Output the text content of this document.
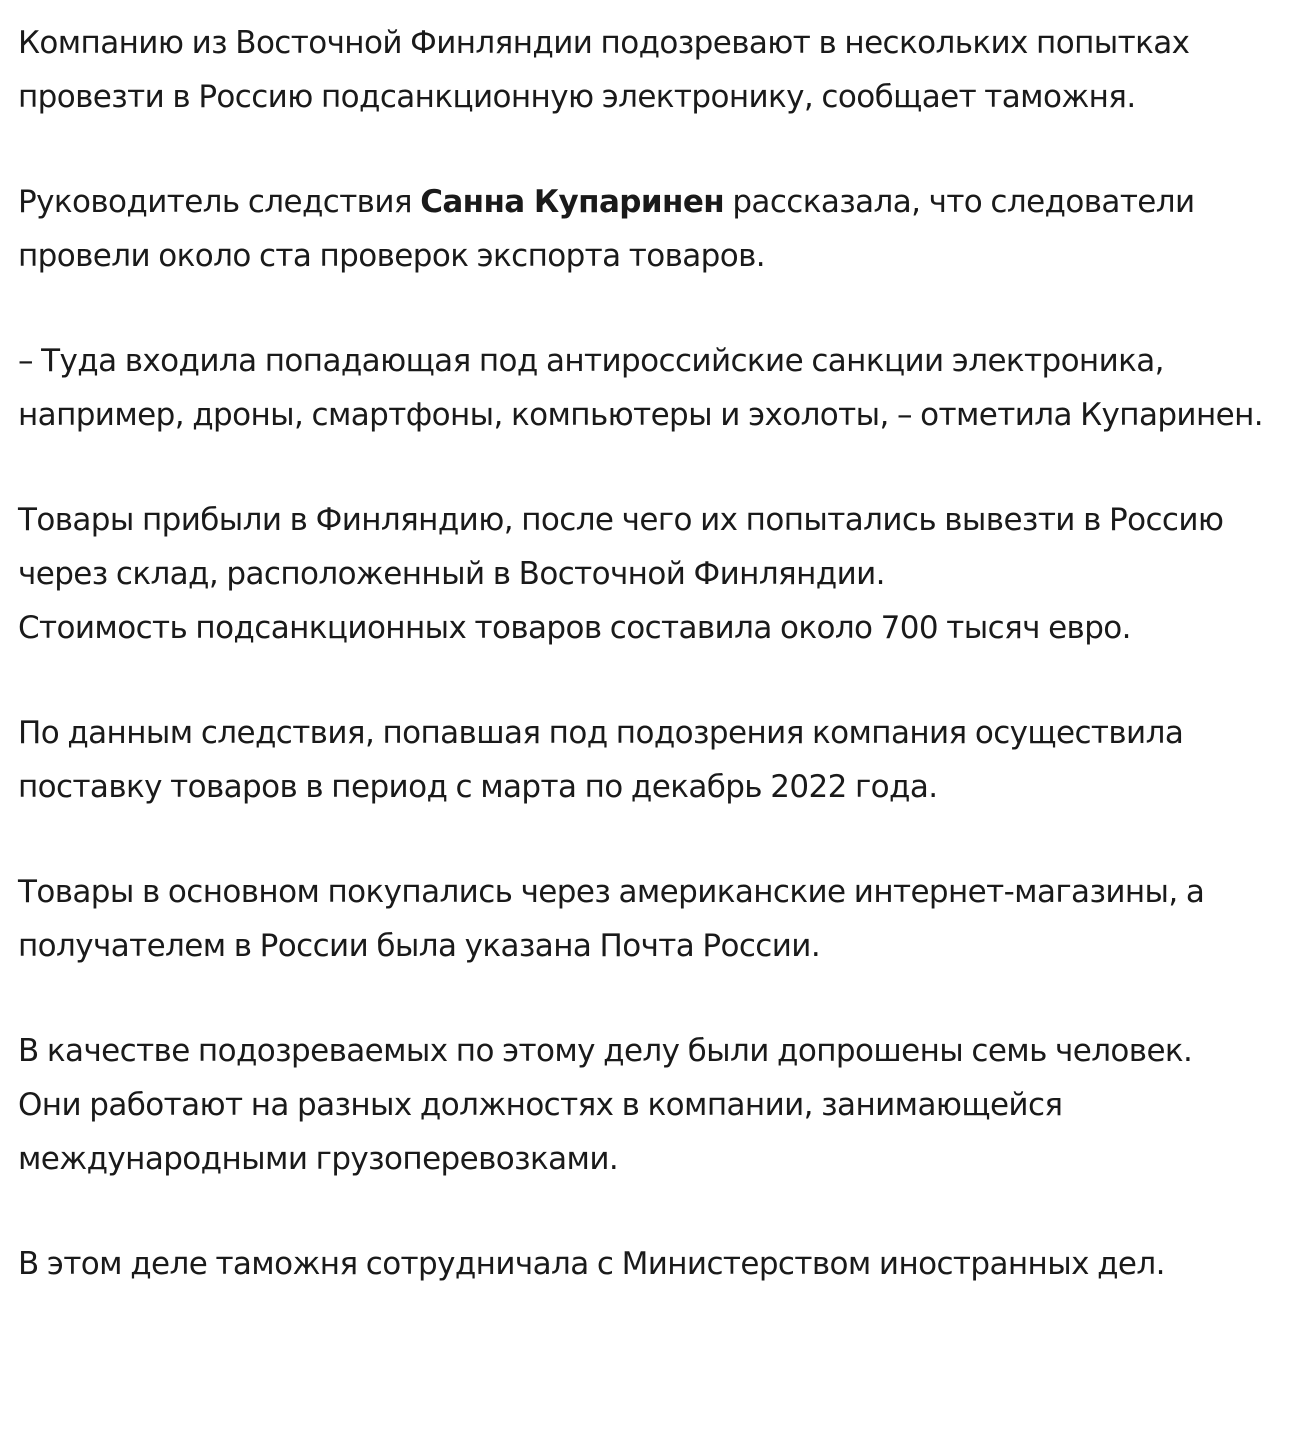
Компанию из Восточной Финляндии подозревают в нескольких попытках провезти в Россию подсанкционную электронику, сообщает таможня.

Руководитель следствия Санна Купаринен рассказала, что следователи провели около ста проверок экспорта товаров.

– Туда входила попадающая под антироссийские санкции электроника, например, дроны, смартфоны, компьютеры и эхолоты, – отметила Купаринен.

Товары прибыли в Финляндию, после чего их попытались вывезти в Россию через склад, расположенный в Восточной Финляндии.

Стоимость подсанкционных товаров составила около 700 тысяч евро.

По данным следствия, попавшая под подозрения компания осуществила поставку товаров в период с марта по декабрь 2022 года.

Товары в основном покупались через американские интернет-магазины, а получателем в России была указана Почта России.

В качестве подозреваемых по этому делу были допрошены семь человек.

Они работают на разных должностях в компании, занимающейся международными грузоперевозками.

В этом деле таможня сотрудничала с Министерством иностранных дел.
